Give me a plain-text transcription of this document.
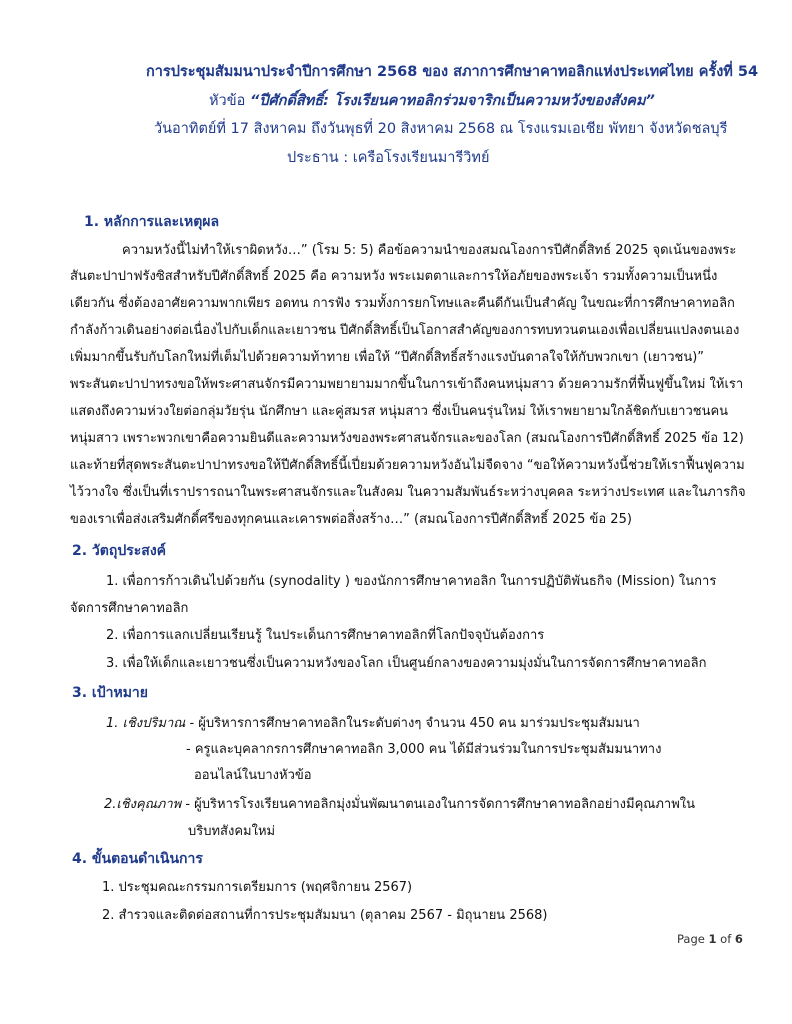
การประชุมสัมมนาประจำปีการศึกษา 2568 ของ สภาการศึกษาคาทอลิกแห่งประเทศไทย ครั้งที่ 54

หัวข้อ “ปีศักดิ์สิทธิ์: โรงเรียนคาทอลิกร่วมจาริกเป็นความหวังของสังคม”

วันอาทิตย์ที่ 17 สิงหาคม ถึงวันพุธที่ 20 สิงหาคม 2568 ณ โรงแรมเอเชีย พัทยา จังหวัดชลบุรี

ประธาน : เครือโรงเรียนมารีวิทย์

1. หลักการและเหตุผล

ความหวังนี้ไม่ทำให้เราผิดหวัง…” (โรม 5: 5) คือข้อความนำของสมณโองการปีศักดิ์สิทธ์ 2025 จุดเน้นของพระ

สันตะปาปาฟรังซิสสำหรับปีศักดิ์สิทธิ์ 2025 คือ ความหวัง พระเมตตาและการให้อภัยของพระเจ้า รวมทั้งความเป็นหนึ่ง

เดียวกัน ซึ่งต้องอาศัยความพากเพียร อดทน การฟัง รวมทั้งการยกโทษและคืนดีกันเป็นสำคัญ ในขณะที่การศึกษาคาทอลิก

กำลังก้าวเดินอย่างต่อเนื่องไปกับเด็กและเยาวชน ปีศักดิ์สิทธิ์เป็นโอกาสสำคัญของการทบทวนตนเองเพื่อเปลี่ยนแปลงตนเอง

เพิ่มมากขึ้นรับกับโลกใหม่ที่เต็มไปด้วยความท้าทาย เพื่อให้ “ปีศักดิ์สิทธิ์สร้างแรงบันดาลใจให้กับพวกเขา (เยาวชน)”

พระสันตะปาปาทรงขอให้พระศาสนจักรมีความพยายามมากขึ้นในการเข้าถึงคนหนุ่มสาว ด้วยความรักที่ฟื้นฟูขึ้นใหม่ ให้เรา

แสดงถึงความห่วงใยต่อกลุ่มวัยรุ่น นักศึกษา และคู่สมรส หนุ่มสาว ซึ่งเป็นคนรุ่นใหม่ ให้เราพยายามใกล้ชิดกับเยาวชนคน

หนุ่มสาว เพราะพวกเขาคือความยินดีและความหวังของพระศาสนจักรและของโลก (สมณโองการปีศักดิ์สิทธิ์ 2025 ข้อ 12)

และท้ายที่สุดพระสันตะปาปาทรงขอให้ปีศักดิ์สิทธิ์นี้เปี่ยมด้วยความหวังอันไม่จืดจาง “ขอให้ความหวังนี้ช่วยให้เราฟื้นฟูความ

ไว้วางใจ ซึ่งเป็นที่เราปรารถนาในพระศาสนจักรและในสังคม ในความสัมพันธ์ระหว่างบุคคล ระหว่างประเทศ และในภารกิจ

ของเราเพื่อส่งเสริมศักดิ์ศรีของทุกคนและเคารพต่อสิ่งสร้าง…” (สมณโองการปีศักดิ์สิทธิ์ 2025 ข้อ 25)

2. วัตถุประสงค์

1. เพื่อการก้าวเดินไปด้วยกัน (synodality ) ของนักการศึกษาคาทอลิก ในการปฏิบัติพันธกิจ (Mission) ในการ

จัดการศึกษาคาทอลิก

2. เพื่อการแลกเปลี่ยนเรียนรู้ ในประเด็นการศึกษาคาทอลิกที่โลกปัจจุบันต้องการ

3. เพื่อให้เด็กและเยาวชนซึ่งเป็นความหวังของโลก เป็นศูนย์กลางของความมุ่งมั่นในการจัดการศึกษาคาทอลิก

3. เป้าหมาย

1. เชิงปริมาณ - ผู้บริหารการศึกษาคาทอลิกในระดับต่างๆ จำนวน 450 คน มาร่วมประชุมสัมมนา

- ครูและบุคลากรการศึกษาคาทอลิก 3,000 คน ได้มีส่วนร่วมในการประชุมสัมมนาทาง

ออนไลน์ในบางหัวข้อ

2.เชิงคุณภาพ - ผู้บริหารโรงเรียนคาทอลิกมุ่งมั่นพัฒนาตนเองในการจัดการศึกษาคาทอลิกอย่างมีคุณภาพใน

บริบทสังคมใหม่

4. ขั้นตอนดำเนินการ

1. ประชุมคณะกรรมการเตรียมการ (พฤศจิกายน 2567)

2. สำรวจและติดต่อสถานที่การประชุมสัมมนา (ตุลาคม 2567 - มิถุนายน 2568)

Page 1 of 6
